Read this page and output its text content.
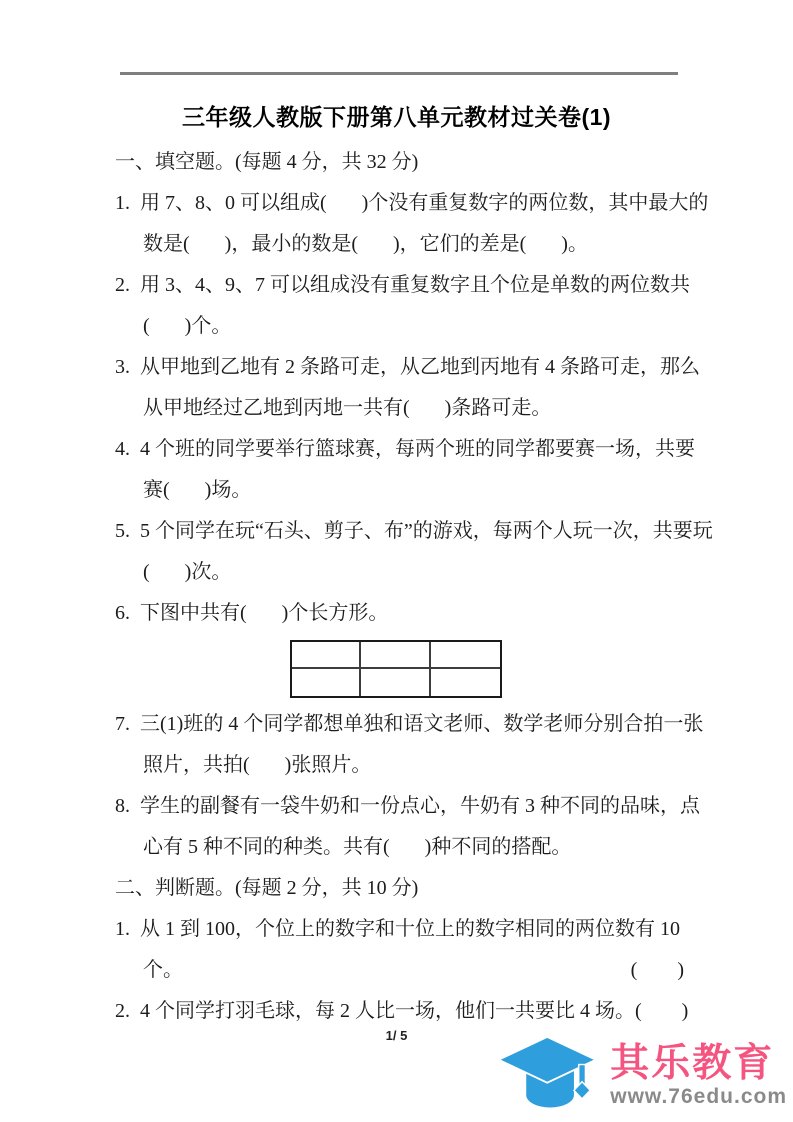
三年级人教版下册第八单元教材过关卷(1)
一、填空题。(每题 4 分，共 32 分)
1.  用 7、8、0 可以组成(       )个没有重复数字的两位数，其中最大的
数是(       )，最小的数是(       )，它们的差是(       )。
2.  用 3、4、9、7 可以组成没有重复数字且个位是单数的两位数共
(       )个。
3.  从甲地到乙地有 2 条路可走，从乙地到丙地有 4 条路可走，那么
从甲地经过乙地到丙地一共有(       )条路可走。
4.  4 个班的同学要举行篮球赛，每两个班的同学都要赛一场，共要
赛(       )场。
5.  5 个同学在玩“石头、剪子、布”的游戏，每两个人玩一次，共要玩
(       )次。
6.  下图中共有(       )个长方形。
7.  三(1)班的 4 个同学都想单独和语文老师、数学老师分别合拍一张
照片，共拍(       )张照片。
8.  学生的副餐有一袋牛奶和一份点心，牛奶有 3 种不同的品味，点
心有 5 种不同的种类。共有(       )种不同的搭配。
二、判断题。(每题 2 分，共 10 分)
1.  从 1 到 100，个位上的数字和十位上的数字相同的两位数有 10
个。	(        )
2.  4 个同学打羽毛球，每 2 人比一场，他们一共要比 4 场。(        )
1/ 5
其乐教育
www.76edu.com
